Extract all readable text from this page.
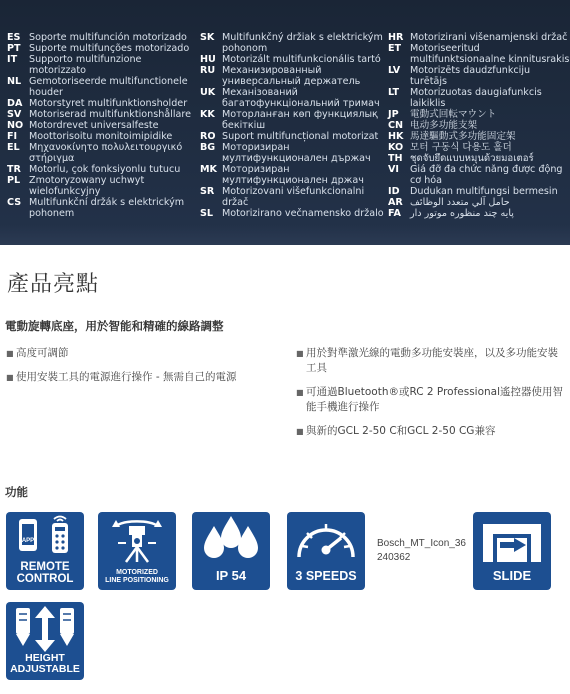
ES Soporte multifunción motorizado
PT Suporte multifunções motorizado
IT	Supporto multifunzione motorizzato
NL Gemotoriseerde multifunctionele houder
DA Motorstyret multifunktionsholder
SV Motoriserad multifunktionshållare
NO Motordrevet universalfeste
FI	Moottorisoitu monitoimipidike
EL Μηχανοκίνητο πολυλειτουργικό στήριγμα
TR Motorlu, çok fonksiyonlu tutucu
PL Zmotoryzowany uchwyt wielofunkcyjny
CS Multifunkční držák s elektrickým pohonem
SK Multifunkčný držiak s elektrickým pohonom
HU Motorizált multifunkcionális tartó
RU Механизированный универсальный держатель
UK Механізований багатофункціональний тримач
KK Моторланған көп функциялық бекіткіш
RO Suport multifuncțional motorizat
BG Моторизиран мултифункционален държач
MK Моторизиран мултифункционален држач
SR Motorizovani višefunkcionalni držač
SL Motorizirano večnamensko držalo
HR Motorizirani višenamjenski držač
ET Motoriseeritud multifunktsionaalne kinnitusrakis
LV	Motorizēts daudzfunkciju turētājs
LT	Motorizuotas daugiafunkcis laikiklis
JP	電動式回転マウント
CN 电动多功能支架
HK 馬達驅動式多功能固定架
KO 모터 구동식 다용도 홀더
TH ชุดจับยึดแบบหมุนด้วยมอเตอร์
VI	Giá đỡ đa chức năng được động cơ hóa
ID	Dudukan multifungsi bermesin
AR حامل آلي متعدد الوظائف
FA پایه چند منظوره موتور دار
產品亮點
電動旋轉底座，用於智能和精確的線路調整
■ 高度可調節
■ 使用安裝工具的電源進行操作 - 無需自己的電源
■ 用於對準激光線的電動多功能安裝座，以及多功能安裝工具
■ 可通過Bluetooth®或RC 2 Professional遙控器使用智能手機進行操作
■ 與新的GCL 2-50 C和GCL 2-50 CG兼容
功能
APP
REMOTE
CONTROL
MOTORIZED
LINE POSITIONING	IP 54	3 SPEEDS
Bosch_MT_Icon_36
240362
SLIDE
HEIGHT
ADJUSTABLE
